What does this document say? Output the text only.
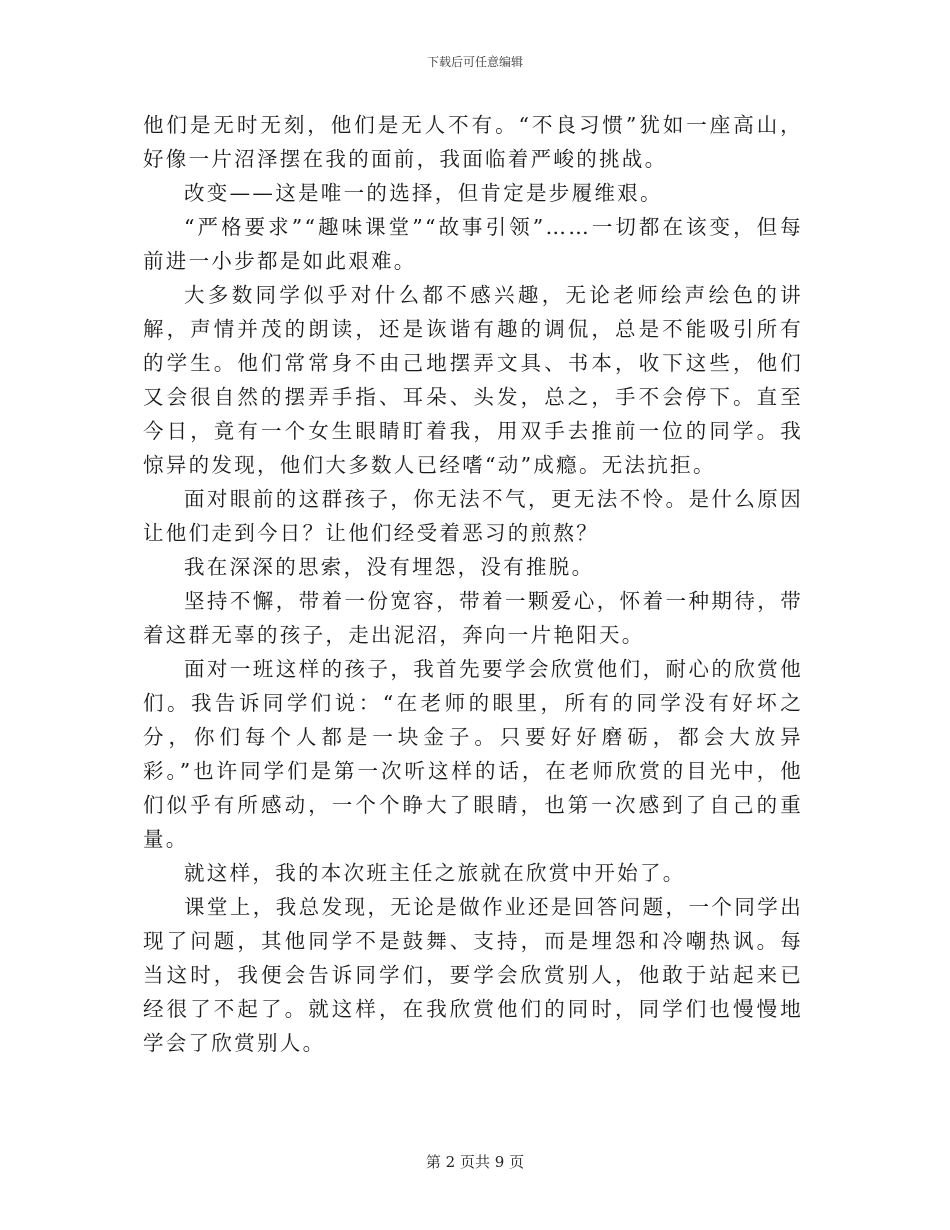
下载后可任意编辑

他们是无时无刻，他们是无人不有。“不良习惯”犹如一座高山，好像一片沼泽摆在我的面前，我面临着严峻的挑战。

改变——这是唯一的选择，但肯定是步履维艰。

“严格要求”“趣味课堂”“故事引领”……一切都在该变，但每前进一小步都是如此艰难。

大多数同学似乎对什么都不感兴趣，无论老师绘声绘色的讲解，声情并茂的朗读，还是诙谐有趣的调侃，总是不能吸引所有的学生。他们常常身不由己地摆弄文具、书本，收下这些，他们又会很自然的摆弄手指、耳朵、头发，总之，手不会停下。直至今日，竟有一个女生眼睛盯着我，用双手去推前一位的同学。我惊异的发现，他们大多数人已经嗜“动”成瘾。无法抗拒。

面对眼前的这群孩子，你无法不气，更无法不怜。是什么原因让他们走到今日？让他们经受着恶习的煎熬？

我在深深的思索，没有埋怨，没有推脱。

坚持不懈，带着一份宽容，带着一颗爱心，怀着一种期待，带着这群无辜的孩子，走出泥沼，奔向一片艳阳天。

面对一班这样的孩子，我首先要学会欣赏他们，耐心的欣赏他们。我告诉同学们说：“在老师的眼里，所有的同学没有好坏之分，你们每个人都是一块金子。只要好好磨砺，都会大放异彩。”也许同学们是第一次听这样的话，在老师欣赏的目光中，他们似乎有所感动，一个个睁大了眼睛，也第一次感到了自己的重量。

就这样，我的本次班主任之旅就在欣赏中开始了。

课堂上，我总发现，无论是做作业还是回答问题，一个同学出现了问题，其他同学不是鼓舞、支持，而是埋怨和冷嘲热讽。每当这时，我便会告诉同学们，要学会欣赏别人，他敢于站起来已经很了不起了。就这样，在我欣赏他们的同时，同学们也慢慢地学会了欣赏别人。

第 2 页共 9 页
